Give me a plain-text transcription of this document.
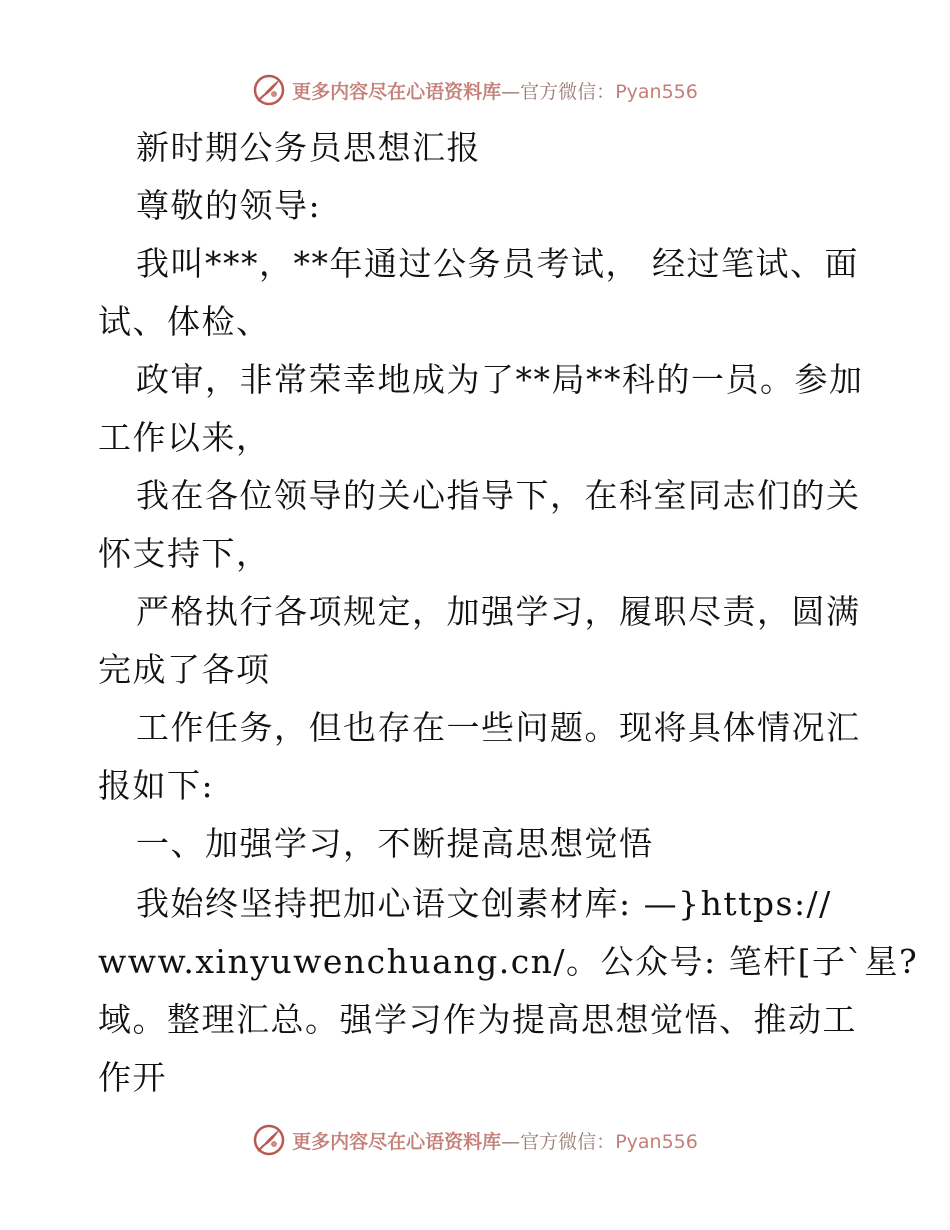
更多内容尽在心语资料库—官方微信：Pyan556
新时期公务员思想汇报
尊敬的领导:
我叫***，**年通过公务员考试， 经过笔试、面
试、体检、
政审，非常荣幸地成为了**局**科的一员。参加
工作以来，
我在各位领导的关心指导下，在科室同志们的关
怀支持下，
严格执行各项规定，加强学习，履职尽责，圆满
完成了各项
工作任务，但也存在一些问题。现将具体情况汇
报如下:
一、加强学习，不断提高思想觉悟
我始终坚持把加心语文创素材库: —}https://
www.xinyuwenchuang.cn/。公众号: 笔杆[子`星?
域。整理汇总。强学习作为提高思想觉悟、推动工
作开
更多内容尽在心语资料库—官方微信：Pyan556
